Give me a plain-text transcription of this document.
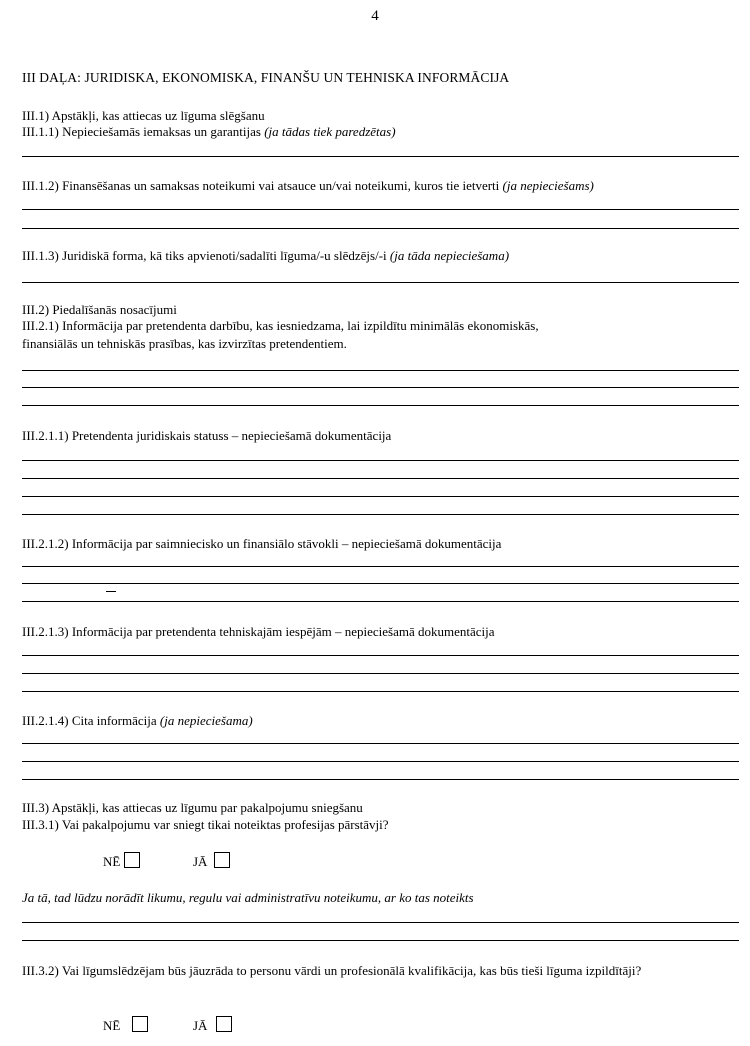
4

III DAĻA: JURIDISKA, EKONOMISKA, FINANŠU UN TEHNISKA INFORMĀCIJA

III.1) Apstākļi, kas attiecas uz līguma slēgšanu

III.1.1) Nepieciešamās iemaksas un garantijas (ja tādas tiek paredzētas)

III.1.2) Finansēšanas un samaksas noteikumi vai atsauce un/vai noteikumi, kuros tie ietverti (ja nepieciešams)

III.1.3) Juridiskā forma, kā tiks apvienoti/sadalīti līguma/-u slēdzējs/-i (ja tāda nepieciešama)

III.2) Piedalīšanās nosacījumi

III.2.1) Informācija par pretendenta darbību, kas iesniedzama, lai izpildītu minimālās ekonomiskās,

finansiālās un tehniskās prasības, kas izvirzītas pretendentiem.

III.2.1.1) Pretendenta juridiskais statuss – nepieciešamā dokumentācija

III.2.1.2) Informācija par saimniecisko un finansiālo stāvokli – nepieciešamā dokumentācija

III.2.1.3) Informācija par pretendenta tehniskajām iespējām – nepieciešamā dokumentācija

III.2.1.4) Cita informācija (ja nepieciešama)

III.3) Apstākļi, kas attiecas uz līgumu par pakalpojumu sniegšanu

III.3.1) Vai pakalpojumu var sniegt tikai noteiktas profesijas pārstāvji?

NĒ	JĀ

Ja tā, tad lūdzu norādīt likumu, regulu vai administratīvu noteikumu, ar ko tas noteikts

III.3.2) Vai līgumslēdzējam būs jāuzrāda to personu vārdi un profesionālā kvalifikācija, kas būs tieši līguma izpildītāji?

NĒ	JĀ
